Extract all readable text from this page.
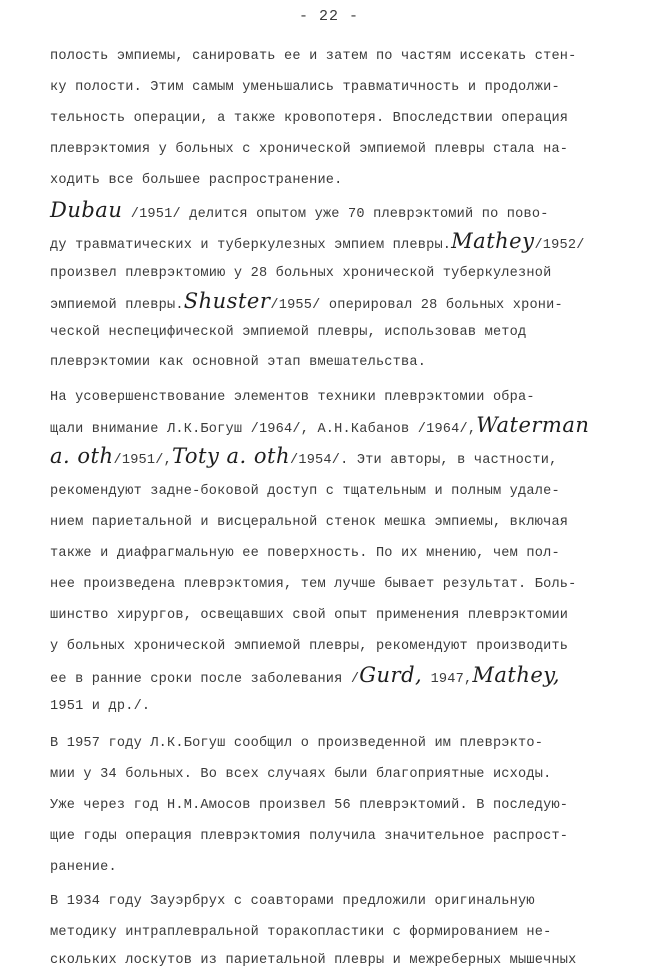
- 22 -
полость эмпиемы, санировать ее и затем по частям иссекать стен-
ку полости. Этим самым уменьшались травматичность и продолжи-
тельность операции, а также кровопотеря. Впоследствии операция
плеврэктомия у больных с хронической эмпиемой плевры стала на-
ходить все большее распространение.
Dubau /1951/ делится опытом уже 70 плеврэктомий по пово-
ду травматических и туберкулезных эмпием плевры.Mathey/1952/
произвел плеврэктомию у 28 больных хронической туберкулезной
эмпиемой плевры.Shuster/1955/ оперировал 28 больных хрони-
ческой неспецифической эмпиемой плевры, использовав метод
плеврэктомии как основной этап вмешательства.
На усовершенствование элементов техники плеврэктомии обра-
щали внимание Л.К.Богуш /1964/, А.Н.Кабанов /1964/,Waterman
a. oth/1951/,Toty a. oth/1954/. Эти авторы, в частности,
рекомендуют задне-боковой доступ с тщательным и полным удале-
нием париетальной и висцеральной стенок мешка эмпиемы, включая
также и диафрагмальную ее поверхность. По их мнению, чем пол-
нее произведена плеврэктомия, тем лучше бывает результат. Боль-
шинство хирургов, освещавших свой опыт применения плеврэктомии
у больных хронической эмпиемой плевры, рекомендуют производить
ее в ранние сроки после заболевания /Gurd, 1947,Mathey,
1951 и др./.
В 1957 году Л.К.Богуш сообщил о произведенной им плеврэкто-
мии у 34 больных. Во всех случаях были благоприятные исходы.
Уже через год Н.М.Амосов произвел 56 плеврэктомий. В последую-
щие годы операция плеврэктомия получила значительное распрост-
ранение.
В 1934 году Зауэрбрух с соавторами предложили оригинальную
методику интраплевральной торакопластики с формированием не-
скольких лоскутов из париетальной плевры и межреберных мышечных
